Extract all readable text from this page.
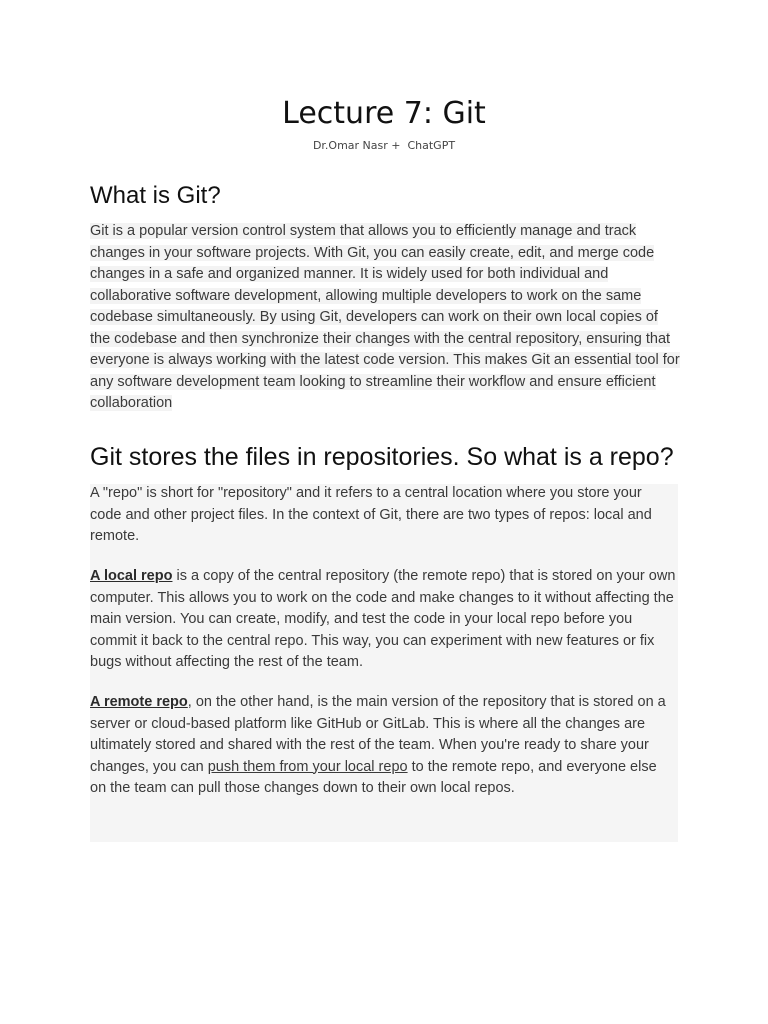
Lecture 7: Git
Dr.Omar Nasr +  ChatGPT
What is Git?

Git is a popular version control system that allows you to efficiently manage and track changes in your software projects. With Git, you can easily create, edit, and merge code changes in a safe and organized manner. It is widely used for both individual and collaborative software development, allowing multiple developers to work on the same codebase simultaneously. By using Git, developers can work on their own local copies of the codebase and then synchronize their changes with the central repository, ensuring that everyone is always working with the latest code version. This makes Git an essential tool for any software development team looking to streamline their workflow and ensure efficient collaboration

Git stores the files in repositories. So what is a repo?

A "repo" is short for "repository" and it refers to a central location where you store your code and other project files. In the context of Git, there are two types of repos: local and remote.

A local repo is a copy of the central repository (the remote repo) that is stored on your own computer. This allows you to work on the code and make changes to it without affecting the main version. You can create, modify, and test the code in your local repo before you commit it back to the central repo. This way, you can experiment with new features or fix bugs without affecting the rest of the team.

A remote repo, on the other hand, is the main version of the repository that is stored on a server or cloud-based platform like GitHub or GitLab. This is where all the changes are ultimately stored and shared with the rest of the team. When you're ready to share your changes, you can push them from your local repo to the remote repo, and everyone else on the team can pull those changes down to their own local repos.
